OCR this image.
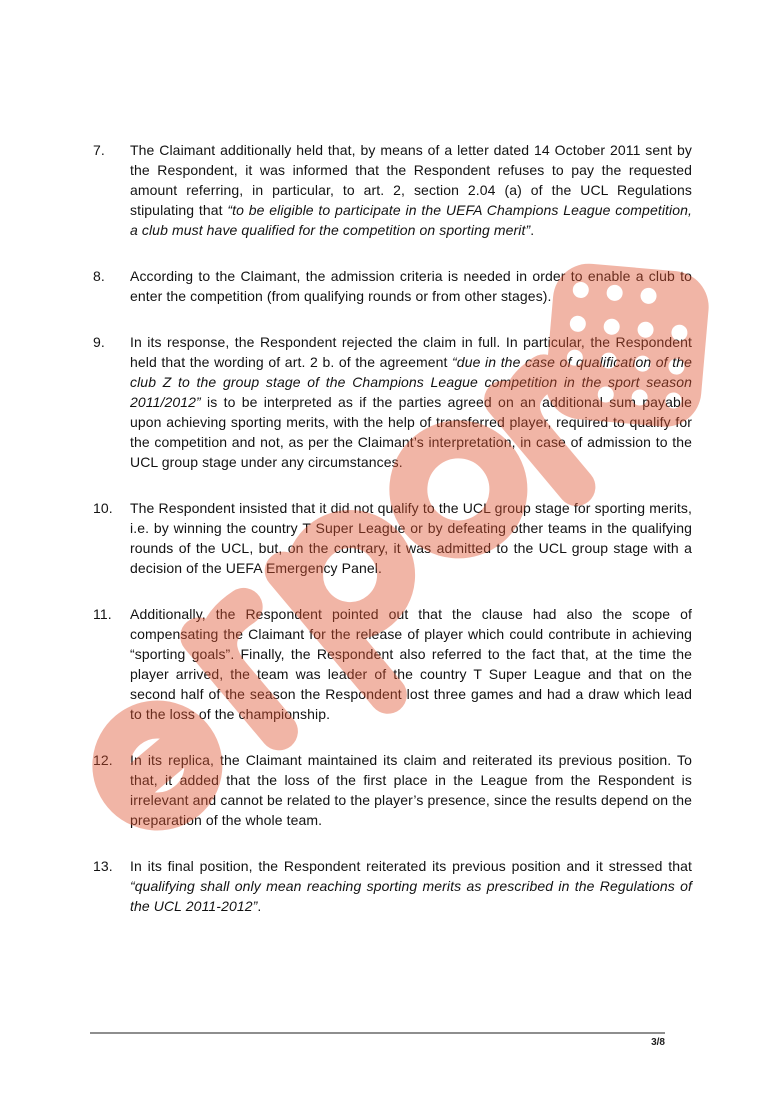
7.	The Claimant additionally held that, by means of a letter dated 14 October 2011 sent by the Respondent, it was informed that the Respondent refuses to pay the requested amount referring, in particular, to art. 2, section 2.04 (a) of the UCL Regulations stipulating that “to be eligible to participate in the UEFA Champions League competition, a club must have qualified for the competition on sporting merit”.
8.	According to the Claimant, the admission criteria is needed in order to enable a club to enter the competition (from qualifying rounds or from other stages).
9.	In its response, the Respondent rejected the claim in full. In particular, the Respondent held that the wording of art. 2 b. of the agreement “due in the case of qualification of the club Z to the group stage of the Champions League competition in the sport season 2011/2012” is to be interpreted as if the parties agreed on an additional sum payable upon achieving sporting merits, with the help of transferred player, required to qualify for the competition and not, as per the Claimant’s interpretation, in case of admission to the UCL group stage under any circumstances.
10.	The Respondent insisted that it did not qualify to the UCL group stage for sporting merits, i.e. by winning the country T Super League or by defeating other teams in the qualifying rounds of the UCL, but, on the contrary, it was admitted to the UCL group stage with a decision of the UEFA Emergency Panel.
11.	Additionally, the Respondent pointed out that the clause had also the scope of compensating the Claimant for the release of player which could contribute in achieving “sporting goals”. Finally, the Respondent also referred to the fact that, at the time the player arrived, the team was leader of the country T Super League and that on the second half of the season the Respondent lost three games and had a draw which lead to the loss of the championship.
12.	In its replica, the Claimant maintained its claim and reiterated its previous position. To that, it added that the loss of the first place in the League from the Respondent is irrelevant and cannot be related to the player’s presence, since the results depend on the preparation of the whole team.
13.	In its final position, the Respondent reiterated its previous position and it stressed that “qualifying shall only mean reaching sporting merits as prescribed in the Regulations of the UCL 2011-2012”.
3/8
